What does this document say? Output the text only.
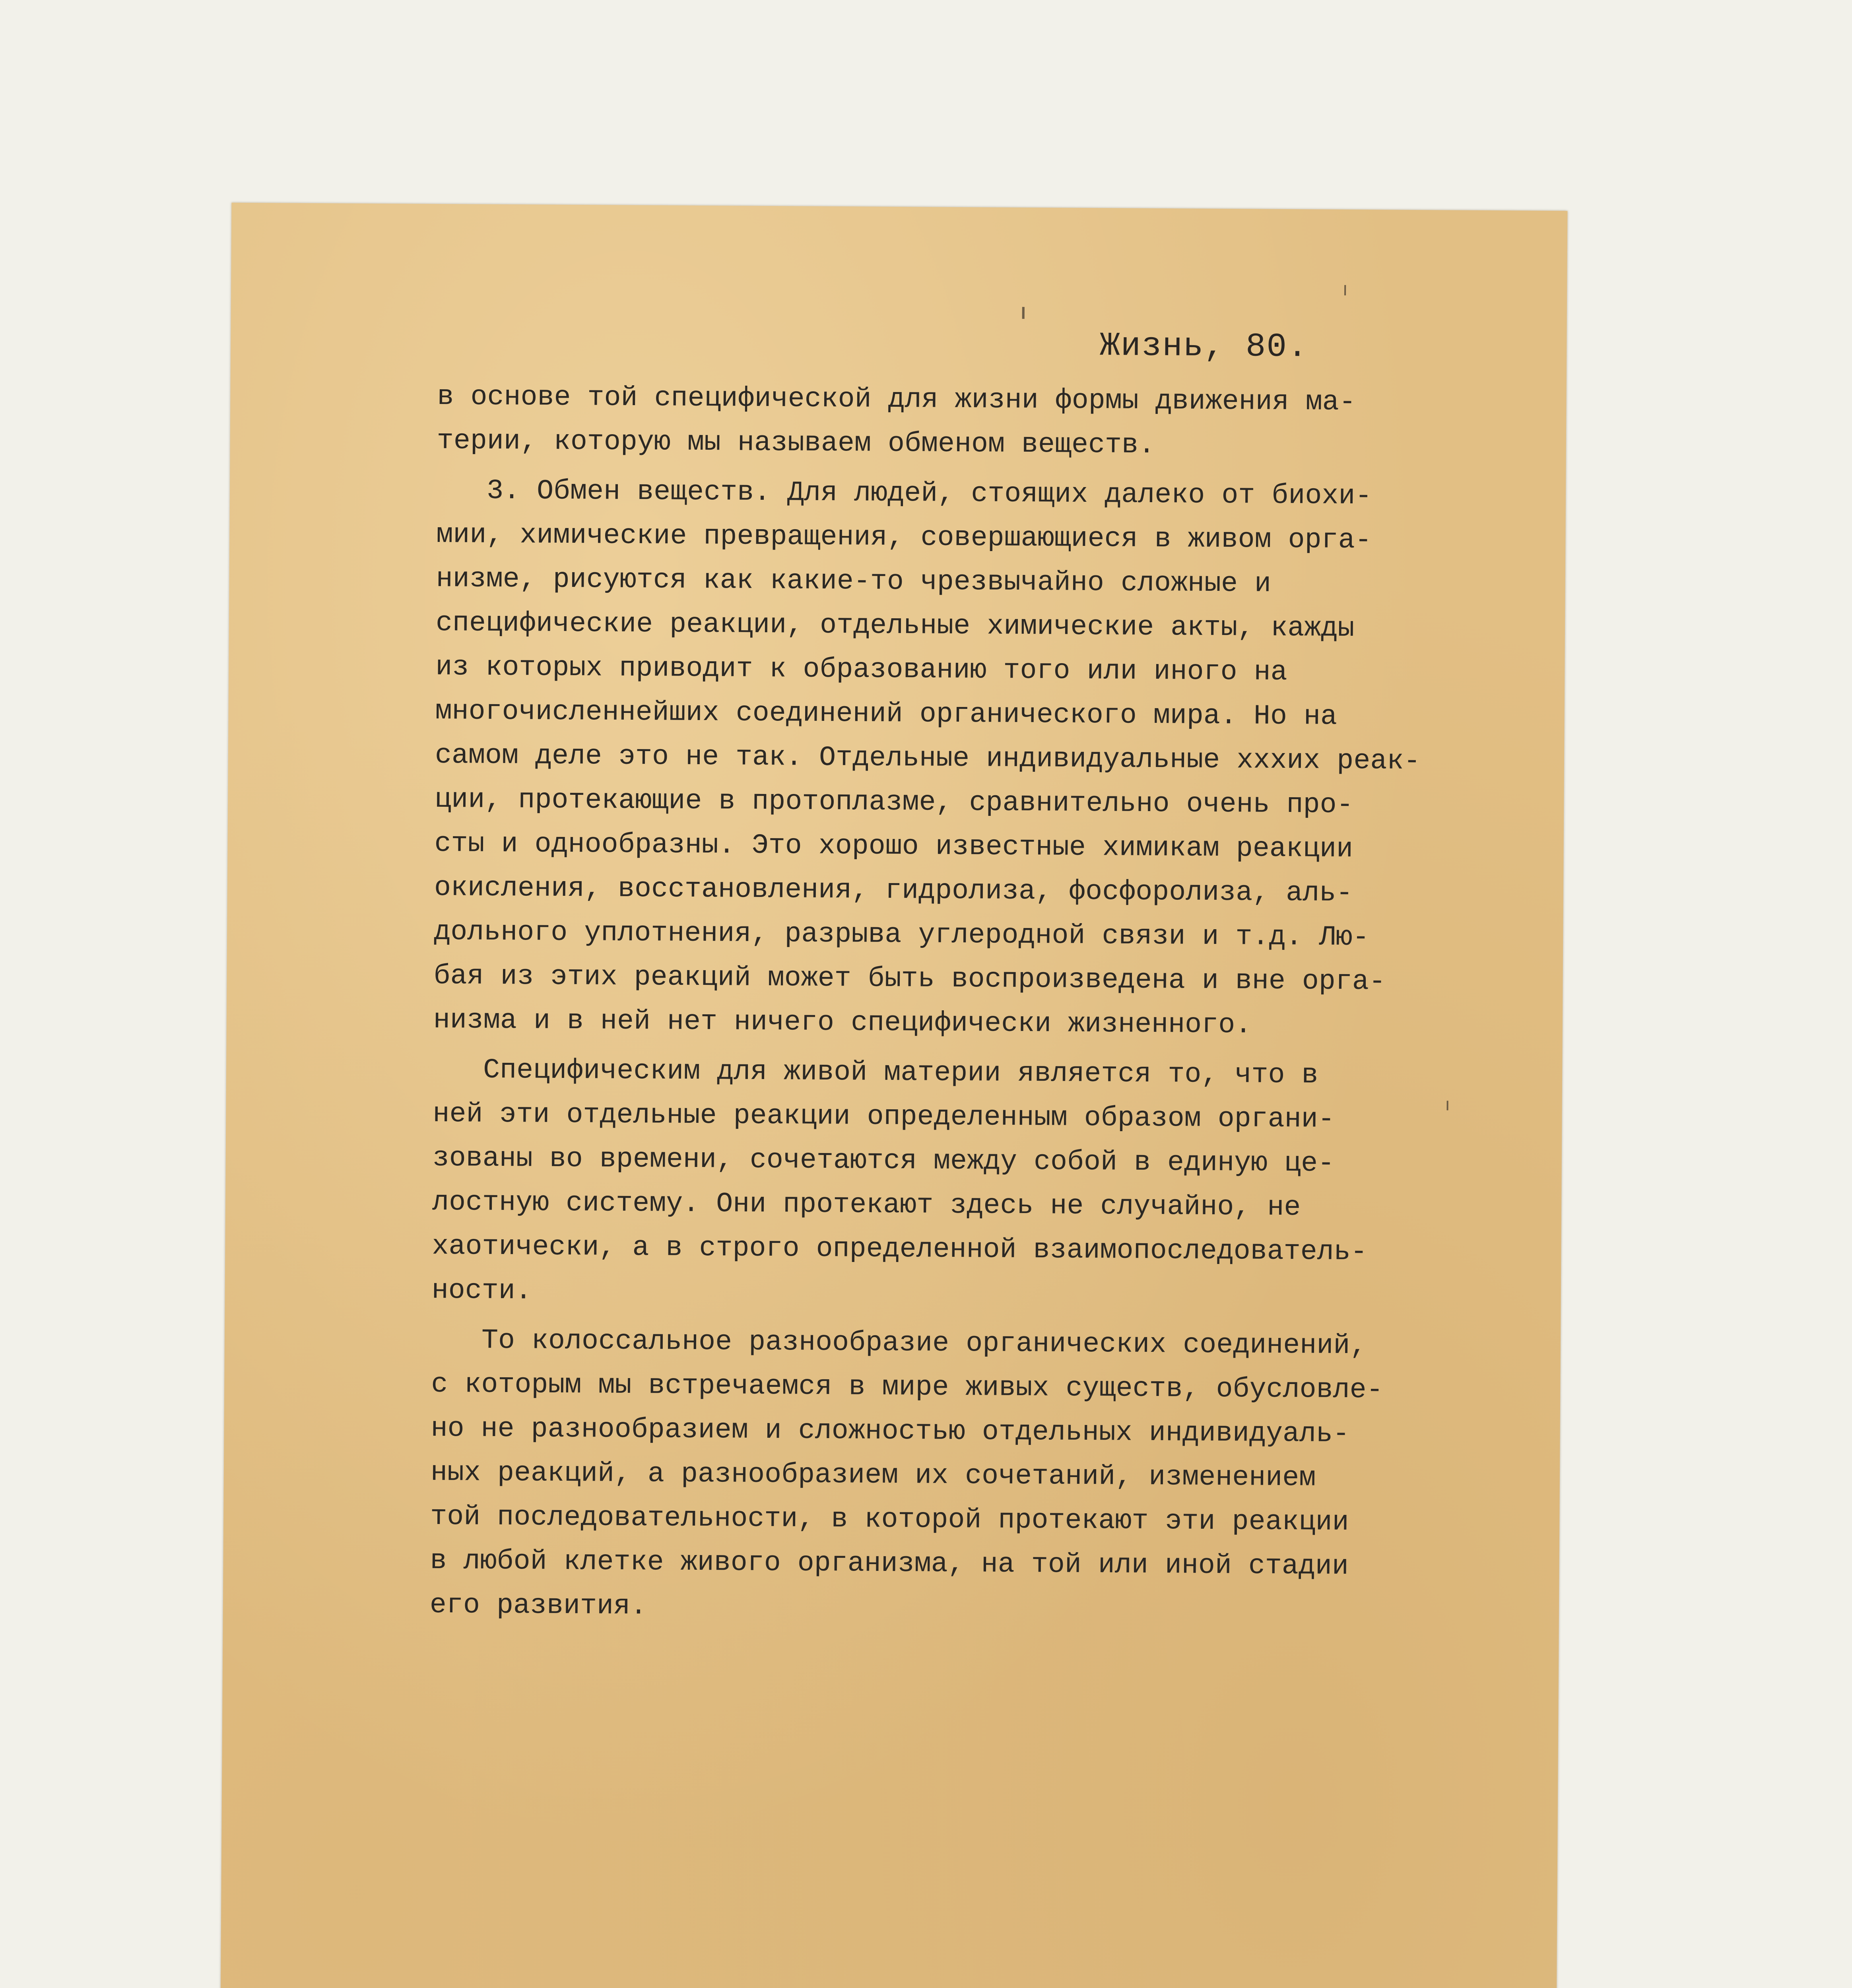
Жизнь, 80.
в основе той специфической для жизни формы движения ма-
терии, которую мы называем обменом веществ.
3. Обмен веществ. Для людей, стоящих далеко от биохи-
мии, химические превращения, совершающиеся в живом орга-
низме, рисуются как какие-то чрезвычайно сложные и
специфические реакции, отдельные химические акты, кажды
из которых приводит к образованию того или иного на
многочисленнейших соединений органического мира. Но на
самом деле это не так. Отдельные индивидуальные хххих реак-
ции, протекающие в протоплазме, сравнительно очень про-
сты и однообразны. Это хорошо известные химикам реакции
окисления, восстановления, гидролиза, фосфоролиза, аль-
дольного уплотнения, разрыва углеродной связи и т.д. Лю-
бая из этих реакций может быть воспроизведена и вне орга-
низма и в ней нет ничего специфически жизненного.
Специфическим для живой материи является то, что в
ней эти отдельные реакции определенным образом органи-
зованы во времени, сочетаются между собой в единую це-
лостную систему. Они протекают здесь не случайно, не
хаотически, а в строго определенной взаимопоследователь-
ности.
То колоссальное разнообразие органических соединений,
с которым мы встречаемся в мире живых существ, обусловле-
но не разнообразием и сложностью отдельных индивидуаль-
ных реакций, а разнообразием их сочетаний, изменением
той последовательности, в которой протекают эти реакции
в любой клетке живого организма, на той или иной стадии
его развития.
